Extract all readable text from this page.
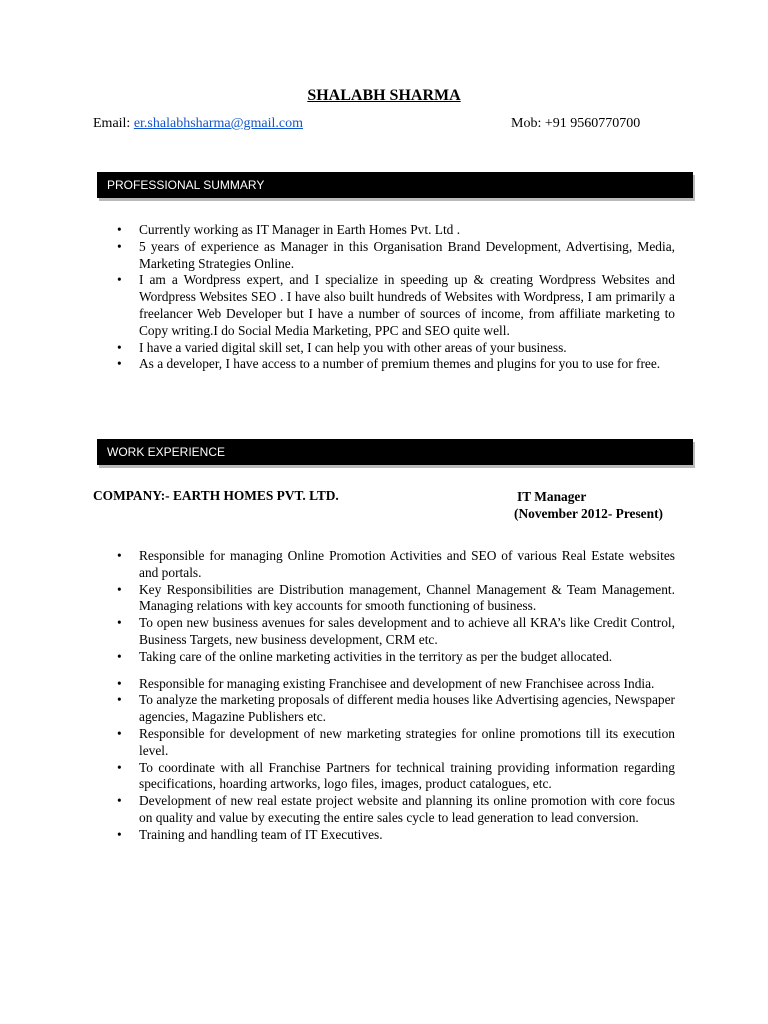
SHALABH SHARMA
Email: er.shalabhsharma@gmail.com	Mob: +91 9560770700
PROFESSIONAL SUMMARY
• Currently working as IT Manager in Earth Homes Pvt. Ltd .
• 5 years of experience as Manager in this Organisation Brand Development, Advertising, Media, Marketing Strategies Online.
• I am a Wordpress expert, and I specialize in speeding up & creating Wordpress Websites and Wordpress Websites SEO . I have also built hundreds of Websites with Wordpress, I am primarily a freelancer Web Developer but I have a number of sources of income, from affiliate marketing to Copy writing.I do Social Media Marketing, PPC and SEO quite well.
• I have a varied digital skill set, I can help you with other areas of your business.
• As a developer, I have access to a number of premium themes and plugins for you to use for free.
WORK EXPERIENCE
COMPANY:- EARTH HOMES PVT. LTD.	IT Manager
(November 2012- Present)
• Responsible for managing Online Promotion Activities and SEO of various Real Estate websites and portals.
• Key Responsibilities are Distribution management, Channel Management & Team Management. Managing relations with key accounts for smooth functioning of business.
• To open new business avenues for sales development and to achieve all KRA’s like Credit Control, Business Targets, new business development, CRM etc.
• Taking care of the online marketing activities in the territory as per the budget allocated.
• Responsible for managing existing Franchisee and development of new Franchisee across India.
• To analyze the marketing proposals of different media houses like Advertising agencies, Newspaper agencies, Magazine Publishers etc.
• Responsible for development of new marketing strategies for online promotions till its execution level.
• To coordinate with all Franchise Partners for technical training providing information regarding specifications, hoarding artworks, logo files, images, product catalogues, etc.
• Development of new real estate project website and planning its online promotion with core focus on quality and value by executing the entire sales cycle to lead generation to lead conversion.
• Training and handling team of IT Executives.
